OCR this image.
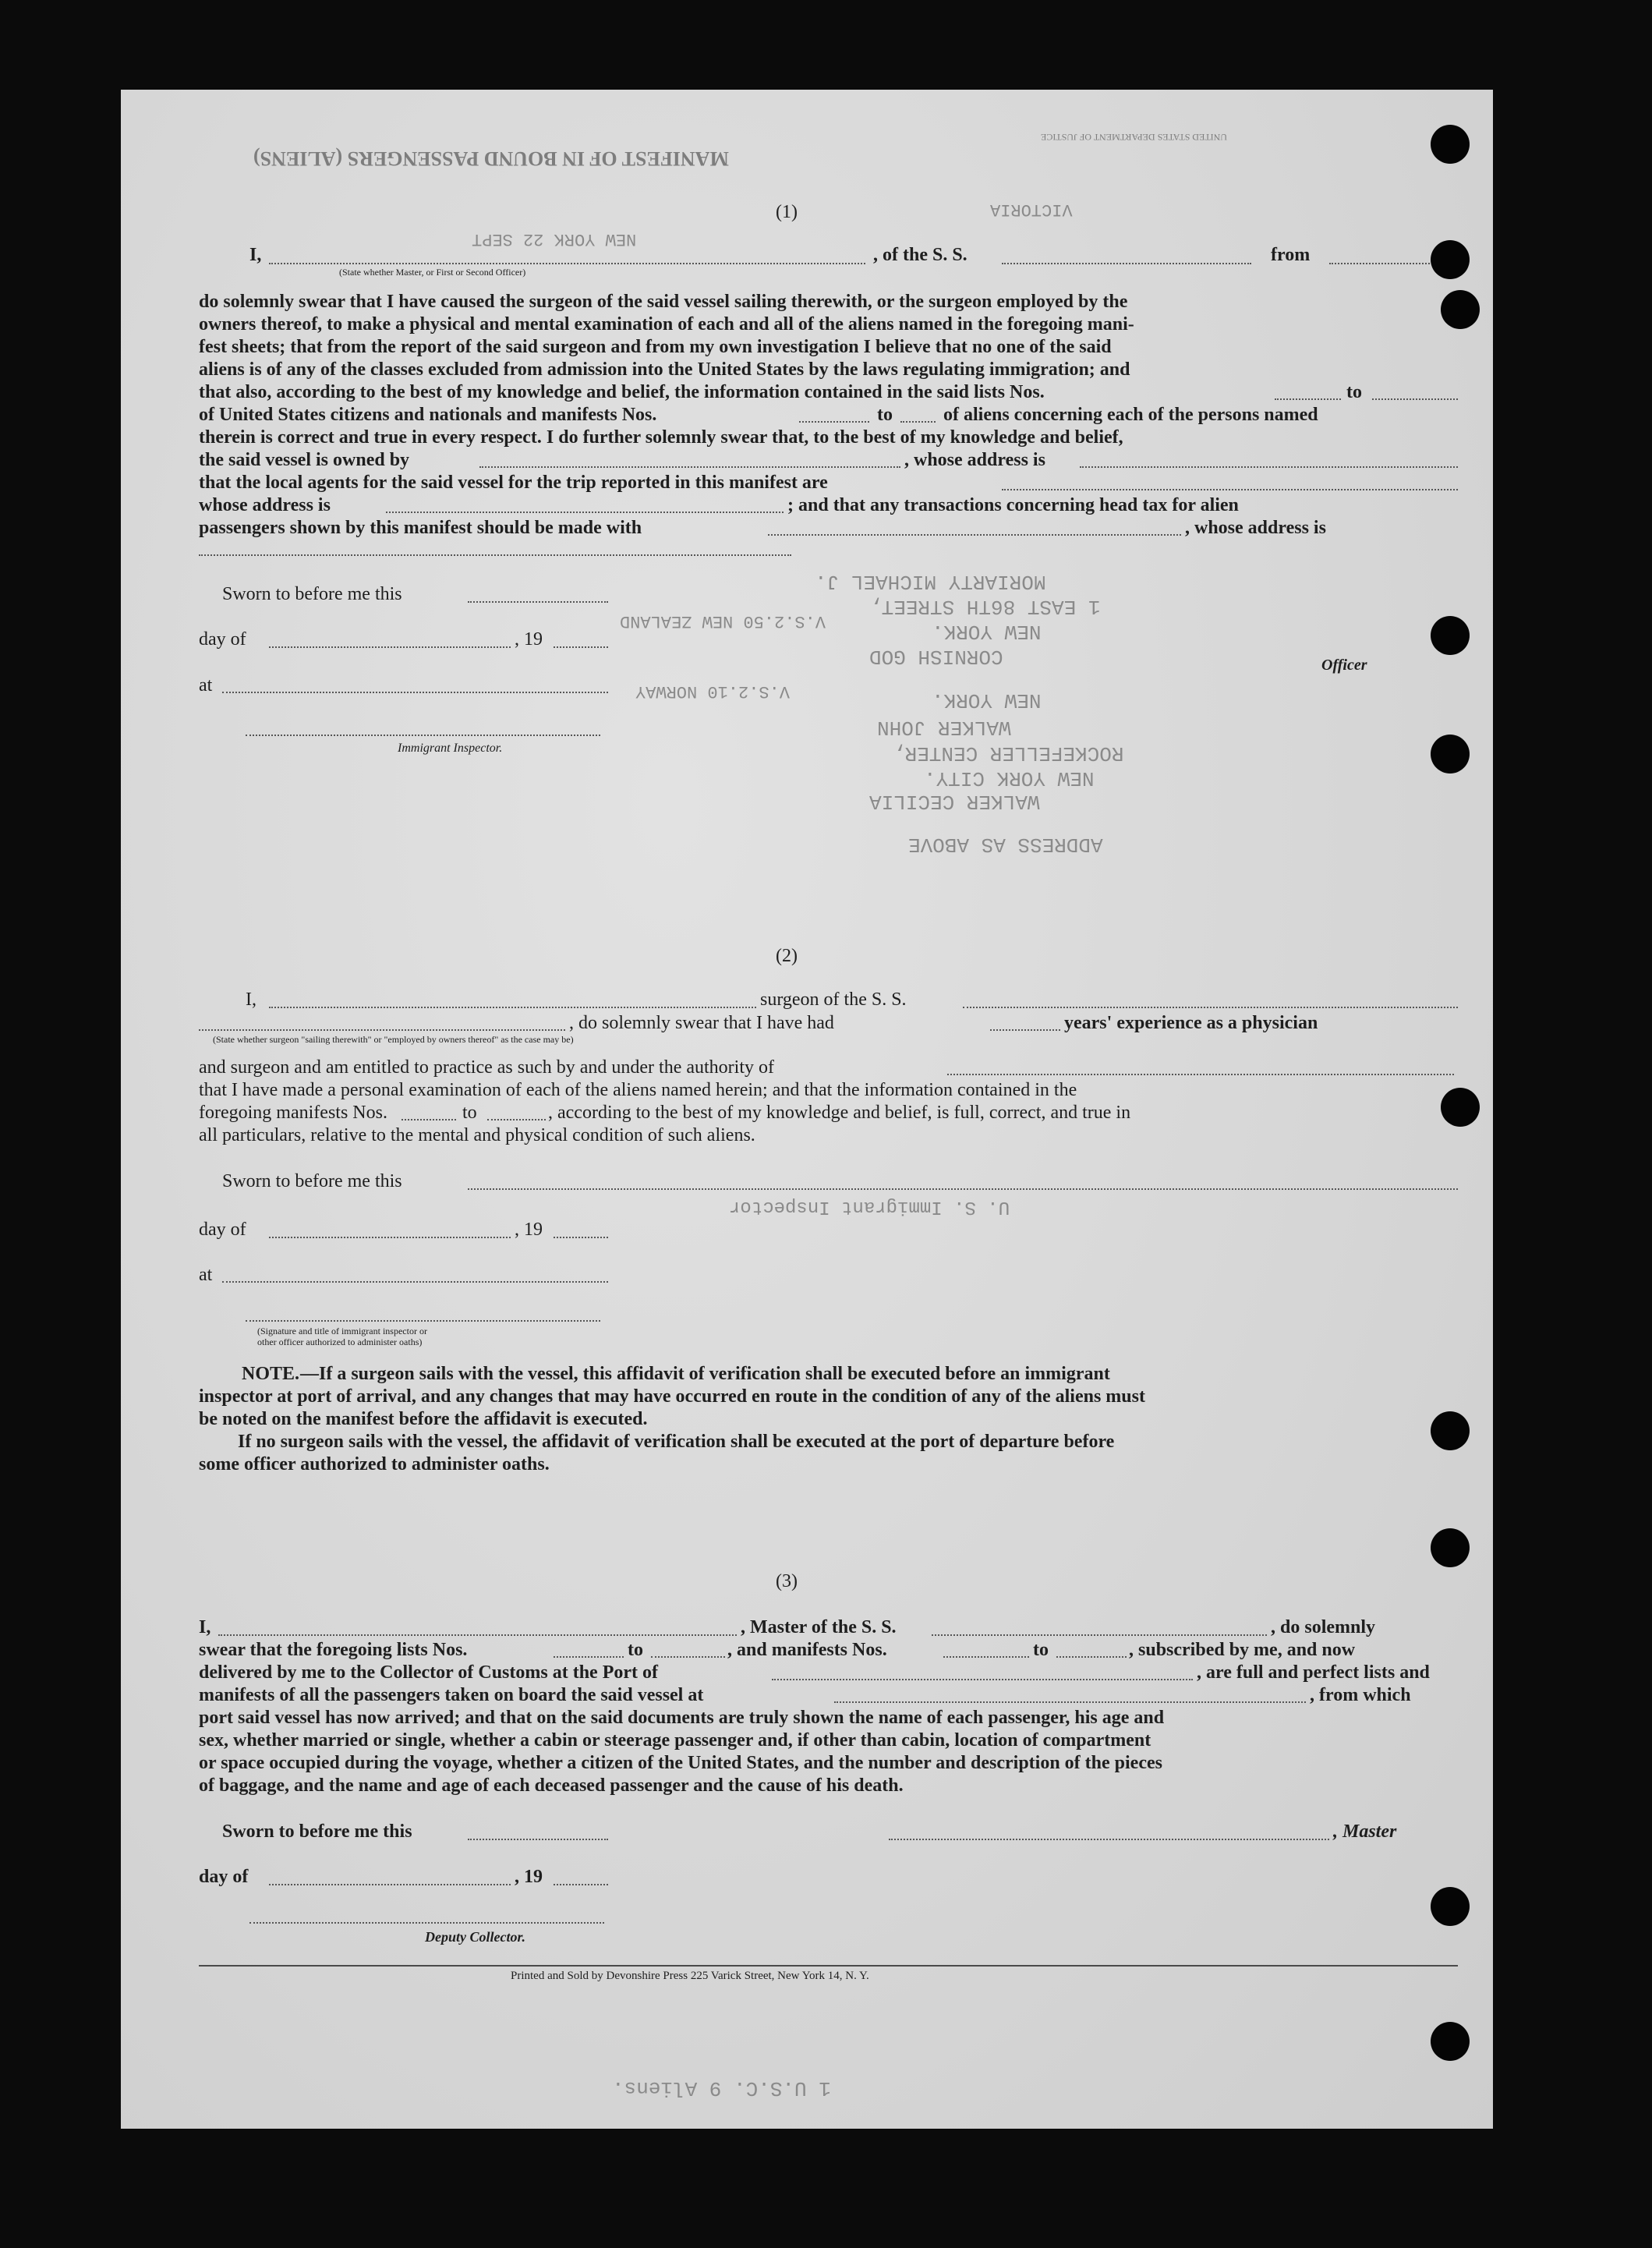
MANIFEST OF IN BOUND PASSENGERS (ALIENS)
UNITED STATES DEPARTMENT OF JUSTICE
VICTORIA
NEW YORK 22 SEPT
(1)
I,
(State whether Master, or First or Second Officer)
, of the S. S.	from
do solemnly swear that I have caused the surgeon of the said vessel sailing therewith, or the surgeon employed by the
owners thereof, to make a physical and mental examination of each and all of the aliens named in the foregoing mani-
fest sheets; that from the report of the said surgeon and from my own investigation I believe that no one of the said
aliens is of any of the classes excluded from admission into the United States by the laws regulating immigration; and
that also, according to the best of my knowledge and belief, the information contained in the said lists Nos.	to
of United States citizens and nationals and manifests Nos.	to	of aliens concerning each of the persons named
therein is correct and true in every respect. I do further solemnly swear that, to the best of my knowledge and belief,
the said vessel is owned by	, whose address is
that the local agents for the said vessel for the trip reported in this manifest are
whose address is	; and that any transactions concerning head tax for alien
passengers shown by this manifest should be made with	, whose address is
Sworn to before me this
day of	, 19
at
Immigrant Inspector.
Officer
MORIARTY MICHAEL J.
1 EAST 86TH STREET,
NEW YORK.
CORNISH GOD
NEW YORK.
WALKER JOHN
ROCKEFELLER CENTER,
NEW YORK CITY.
WALKER CECILIA
ADDRESS AS ABOVE
V.S.2.50 NEW ZEALAND
V.S.2.10 NORWAY
U. S. Immigrant Inspector
(2)
I,	surgeon of the S. S.
, do solemnly swear that I have had	years' experience as a physician
(State whether surgeon "sailing therewith" or "employed by owners thereof" as the case may be)
and surgeon and am entitled to practice as such by and under the authority of
that I have made a personal examination of each of the aliens named herein; and that the information contained in the
foregoing manifests Nos.	to	, according to the best of my knowledge and belief, is full, correct, and true in
all particulars, relative to the mental and physical condition of such aliens.
Sworn to before me this
day of	, 19
at
(Signature and title of immigrant inspector or
other officer authorized to administer oaths)
NOTE. —If a surgeon sails with the vessel, this affidavit of verification shall be executed before an immigrant
inspector at port of arrival, and any changes that may have occurred en route in the condition of any of the aliens must
be noted on the manifest before the affidavit is executed.
If no surgeon sails with the vessel, the affidavit of verification shall be executed at the port of departure before
some officer authorized to administer oaths.
(3)
I,	, Master of the S. S.	, do solemnly
swear that the foregoing lists Nos.	to	, and manifests Nos.	to	, subscribed by me, and now
delivered by me to the Collector of Customs at the Port of	, are full and perfect lists and
manifests of all the passengers taken on board the said vessel at	, from which
port said vessel has now arrived; and that on the said documents are truly shown the name of each passenger, his age and
sex, whether married or single, whether a cabin or steerage passenger and, if other than cabin, location of compartment
or space occupied during the voyage, whether a citizen of the United States, and the number and description of the pieces
of baggage, and the name and age of each deceased passenger and the cause of his death.
Sworn to before me this	, Master
day of	, 19
Deputy Collector.
Printed and Sold by Devonshire Press 225 Varick Street, New York 14, N. Y.
1 U.S.C. 9 Aliens.
